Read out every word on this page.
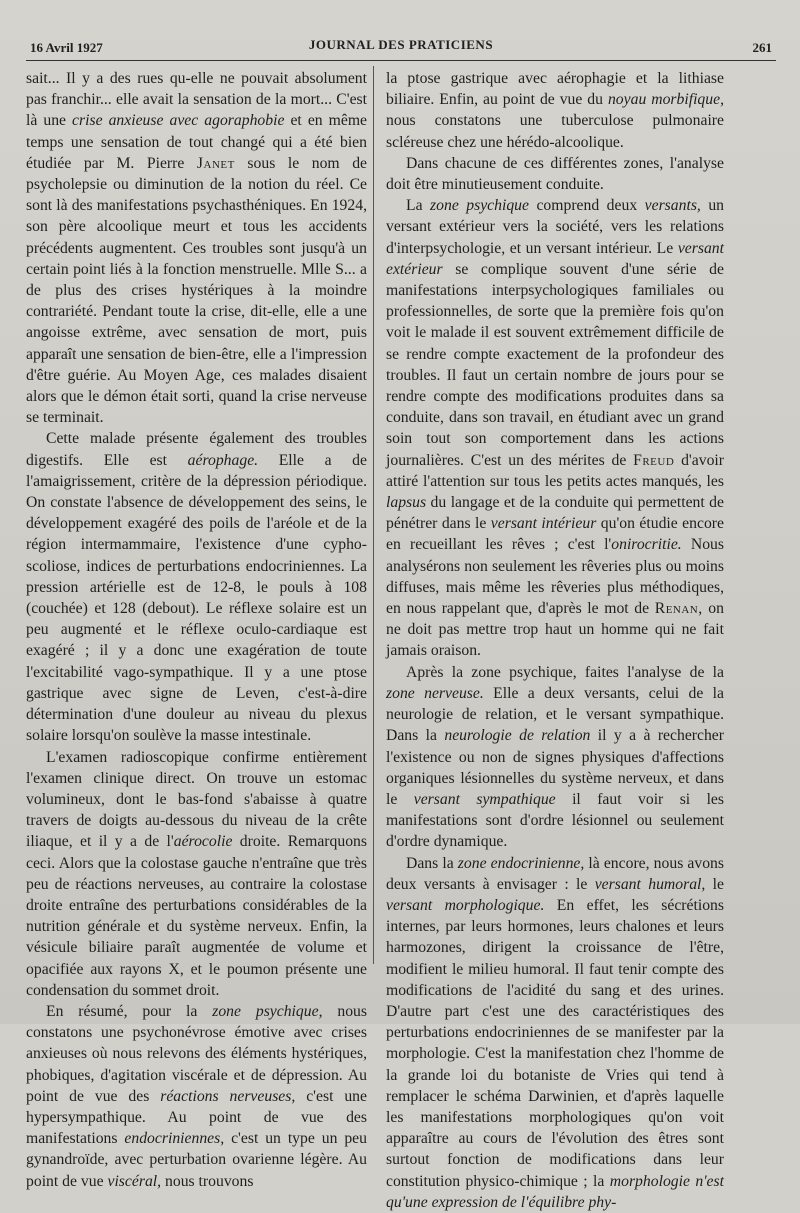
16 Avril 1927	JOURNAL DES PRATICIENS	261

sait... Il y a des rues qu-elle ne pouvait absolument pas franchir... elle avait la sensation de la mort... C'est là une crise anxieuse avec agoraphobie et en même temps une sensation de tout changé qui a été bien étudiée par M. Pierre Janet sous le nom de psycholepsie ou diminution de la notion du réel. Ce sont là des manifestations psychasthéniques. En 1924, son père alcoolique meurt et tous les accidents précédents augmentent. Ces troubles sont jusqu'à un certain point liés à la fonction menstruelle. Mlle S... a de plus des crises hystériques à la moindre contrariété. Pendant toute la crise, dit-elle, elle a une angoisse extrême, avec sensation de mort, puis apparaît une sensation de bien-être, elle a l'impression d'être guérie. Au Moyen Age, ces malades disaient alors que le démon était sorti, quand la crise nerveuse se terminait.

Cette malade présente également des troubles digestifs. Elle est aérophage. Elle a de l'amaigrissement, critère de la dépression périodique. On constate l'absence de développement des seins, le développement exagéré des poils de l'aréole et de la région intermammaire, l'existence d'une cypho-scoliose, indices de perturbations endocriniennes. La pression artérielle est de 12-8, le pouls à 108 (couchée) et 128 (debout). Le réflexe solaire est un peu augmenté et le réflexe oculo-cardiaque est exagéré ; il y a donc une exagération de toute l'excitabilité vago-sympathique. Il y a une ptose gastrique avec signe de Leven, c'est-à-dire détermination d'une douleur au niveau du plexus solaire lorsqu'on soulève la masse intestinale.

L'examen radioscopique confirme entièrement l'examen clinique direct. On trouve un estomac volumineux, dont le bas-fond s'abaisse à quatre travers de doigts au-dessous du niveau de la crête iliaque, et il y a de l'aérocolie droite. Remarquons ceci. Alors que la colostase gauche n'entraîne que très peu de réactions nerveuses, au contraire la colostase droite entraîne des perturbations considérables de la nutrition générale et du système nerveux. Enfin, la vésicule biliaire paraît augmentée de volume et opacifiée aux rayons X, et le poumon présente une condensation du sommet droit.

En résumé, pour la zone psychique, nous constatons une psychonévrose émotive avec crises anxieuses où nous relevons des éléments hystériques, phobiques, d'agitation viscérale et de dépression. Au point de vue des réactions nerveuses, c'est une hypersympathique. Au point de vue des manifestations endocriniennes, c'est un type un peu gynandroïde, avec perturbation ovarienne légère. Au point de vue viscéral, nous trouvons

la ptose gastrique avec aérophagie et la lithiase biliaire. Enfin, au point de vue du noyau morbifique, nous constatons une tuberculose pulmonaire scléreuse chez une hérédo-alcoolique.

Dans chacune de ces différentes zones, l'analyse doit être minutieusement conduite.

La zone psychique comprend deux versants, un versant extérieur vers la société, vers les relations d'interpsychologie, et un versant intérieur. Le versant extérieur se complique souvent d'une série de manifestations interpsychologiques familiales ou professionnelles, de sorte que la première fois qu'on voit le malade il est souvent extrêmement difficile de se rendre compte exactement de la profondeur des troubles. Il faut un certain nombre de jours pour se rendre compte des modifications produites dans sa conduite, dans son travail, en étudiant avec un grand soin tout son comportement dans les actions journalières. C'est un des mérites de Freud d'avoir attiré l'attention sur tous les petits actes manqués, les lapsus du langage et de la conduite qui permettent de pénétrer dans le versant intérieur qu'on étudie encore en recueillant les rêves ; c'est l'onirocritie. Nous analysérons non seulement les rêveries plus ou moins diffuses, mais même les rêveries plus méthodiques, en nous rappelant que, d'après le mot de Renan, on ne doit pas mettre trop haut un homme qui ne fait jamais oraison.

Après la zone psychique, faites l'analyse de la zone nerveuse. Elle a deux versants, celui de la neurologie de relation, et le versant sympathique. Dans la neurologie de relation il y a à rechercher l'existence ou non de signes physiques d'affections organiques lésionnelles du système nerveux, et dans le versant sympathique il faut voir si les manifestations sont d'ordre lésionnel ou seulement d'ordre dynamique.

Dans la zone endocrinienne, là encore, nous avons deux versants à envisager : le versant humoral, le versant morphologique. En effet, les sécrétions internes, par leurs hormones, leurs chalones et leurs harmozones, dirigent la croissance de l'être, modifient le milieu humoral. Il faut tenir compte des modifications de l'acidité du sang et des urines. D'autre part c'est une des caractéristiques des perturbations endocriniennes de se manifester par la morphologie. C'est la manifestation chez l'homme de la grande loi du botaniste de Vries qui tend à remplacer le schéma Darwinien, et d'après laquelle les manifestations morphologiques qu'on voit apparaître au cours de l'évolution des êtres sont surtout fonction de modifications dans leur constitution physico-chimique ; la morphologie n'est qu'une expression de l'équilibre phy-
